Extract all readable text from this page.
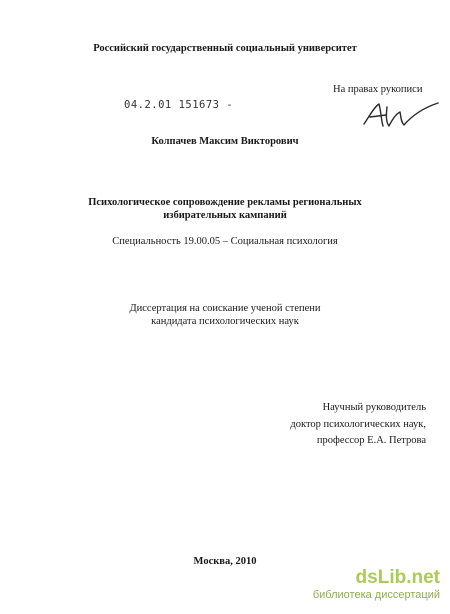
Российский государственный социальный университет
На правах рукописи
04.2.01 151673 -
Колпачев Максим Викторович
Психологическое сопровождение рекламы региональных
избирательных кампаний
Специальность 19.00.05 – Социальная психология
Диссертация на соискание ученой степени
кандидата психологических наук
Научный руководитель
доктор психологических наук,
профессор Е.А. Петрова
Москва, 2010
dsLib.net
библиотека диссертаций
